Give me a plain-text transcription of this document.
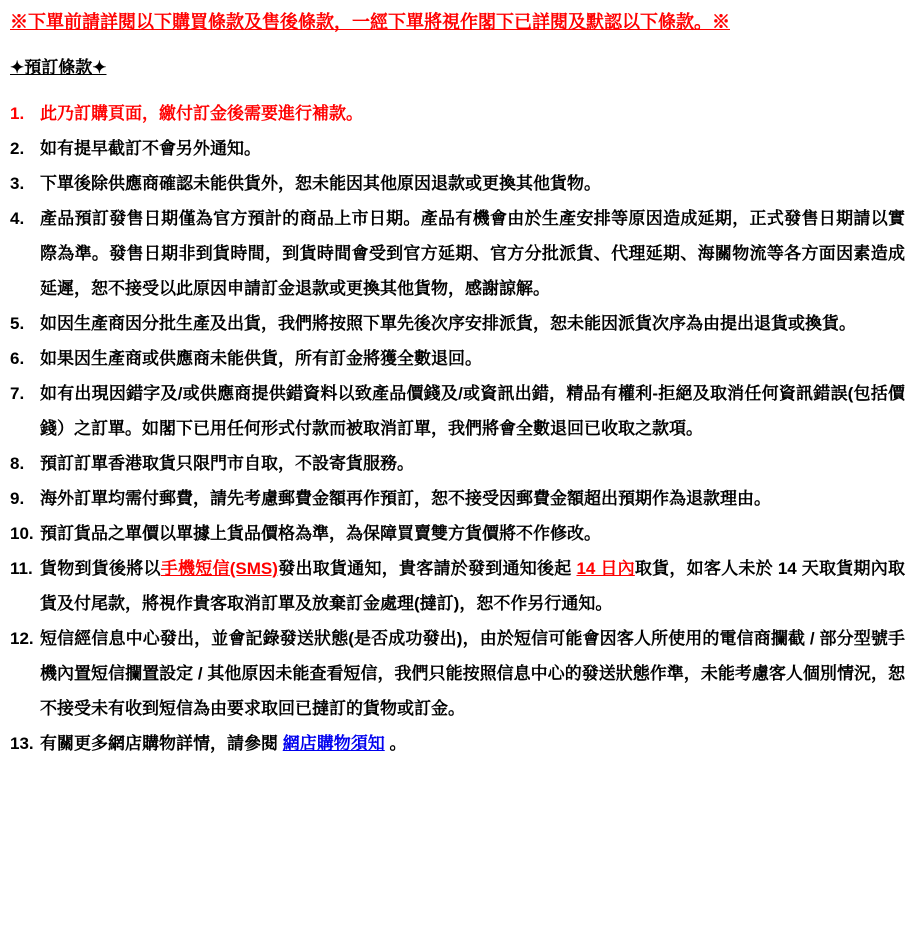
※下單前請詳閱以下購買條款及售後條款，一經下單將視作閣下已詳閱及默認以下條款。※
✦預訂條款✦
1. 此乃訂購頁面，繳付訂金後需要進行補款。
2. 如有提早截訂不會另外通知。
3. 下單後除供應商確認未能供貨外，恕未能因其他原因退款或更換其他貨物。
4. 產品預訂發售日期僅為官方預計的商品上市日期。產品有機會由於生產安排等原因造成延期，正式發售日期請以實際為準。發售日期非到貨時間，到貨時間會受到官方延期、官方分批派貨、代理延期、海關物流等各方面因素造成延遲，恕不接受以此原因申請訂金退款或更換其他貨物，感謝諒解。
5. 如因生產商因分批生產及出貨，我們將按照下單先後次序安排派貨，恕未能因派貨次序為由提出退貨或換貨。
6. 如果因生產商或供應商未能供貨，所有訂金將獲全數退回。
7. 如有出現因錯字及/或供應商提供錯資料以致產品價錢及/或資訊出錯，精品有權利-拒絕及取消任何資訊錯誤(包括價錢）之訂單。如閣下已用任何形式付款而被取消訂單，我們將會全數退回已收取之款項。
8. 預訂訂單香港取貨只限門市自取，不設寄貨服務。
9. 海外訂單均需付郵費，請先考慮郵費金額再作預訂，恕不接受因郵費金額超出預期作為退款理由。
10. 預訂貨品之單價以單據上貨品價格為準，為保障買賣雙方貨價將不作修改。
11. 貨物到貨後將以手機短信(SMS)發出取貨通知，貴客請於發到通知後起 14 日內取貨，如客人未於 14 天取貨期內取貨及付尾款，將視作貴客取消訂單及放棄訂金處理(撻訂)，恕不作另行通知。
12. 短信經信息中心發出，並會記錄發送狀態(是否成功發出)，由於短信可能會因客人所使用的電信商攔截 / 部分型號手機內置短信攔置設定 / 其他原因未能查看短信，我們只能按照信息中心的發送狀態作準，未能考慮客人個別情況，恕不接受未有收到短信為由要求取回已撻訂的貨物或訂金。
13. 有關更多網店購物詳情，請參閱 網店購物須知 。
